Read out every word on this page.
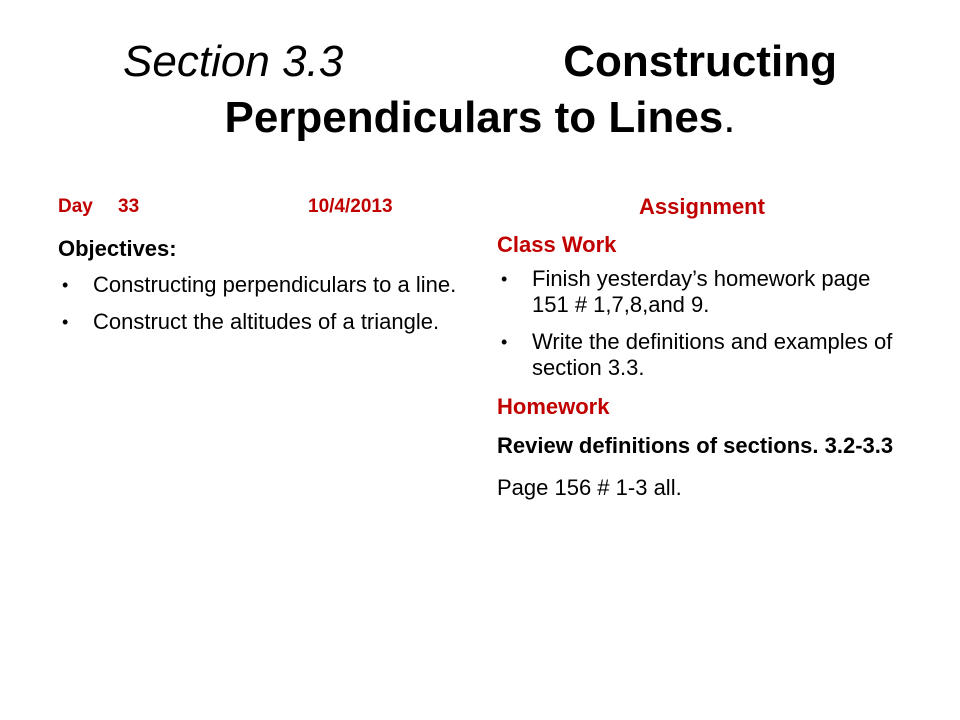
Section 3.3	Constructing Perpendiculars to Lines.
Day 33	10/4/2013
Objectives:
• Constructing perpendiculars to a line.
• Construct the altitudes of a triangle.
Assignment
Class Work
• Finish yesterday’s homework page 151 # 1,7,8,and 9.
• Write the definitions and examples of section 3.3.
Homework
Review definitions of sections. 3.2-3.3
Page 156 # 1-3 all.
